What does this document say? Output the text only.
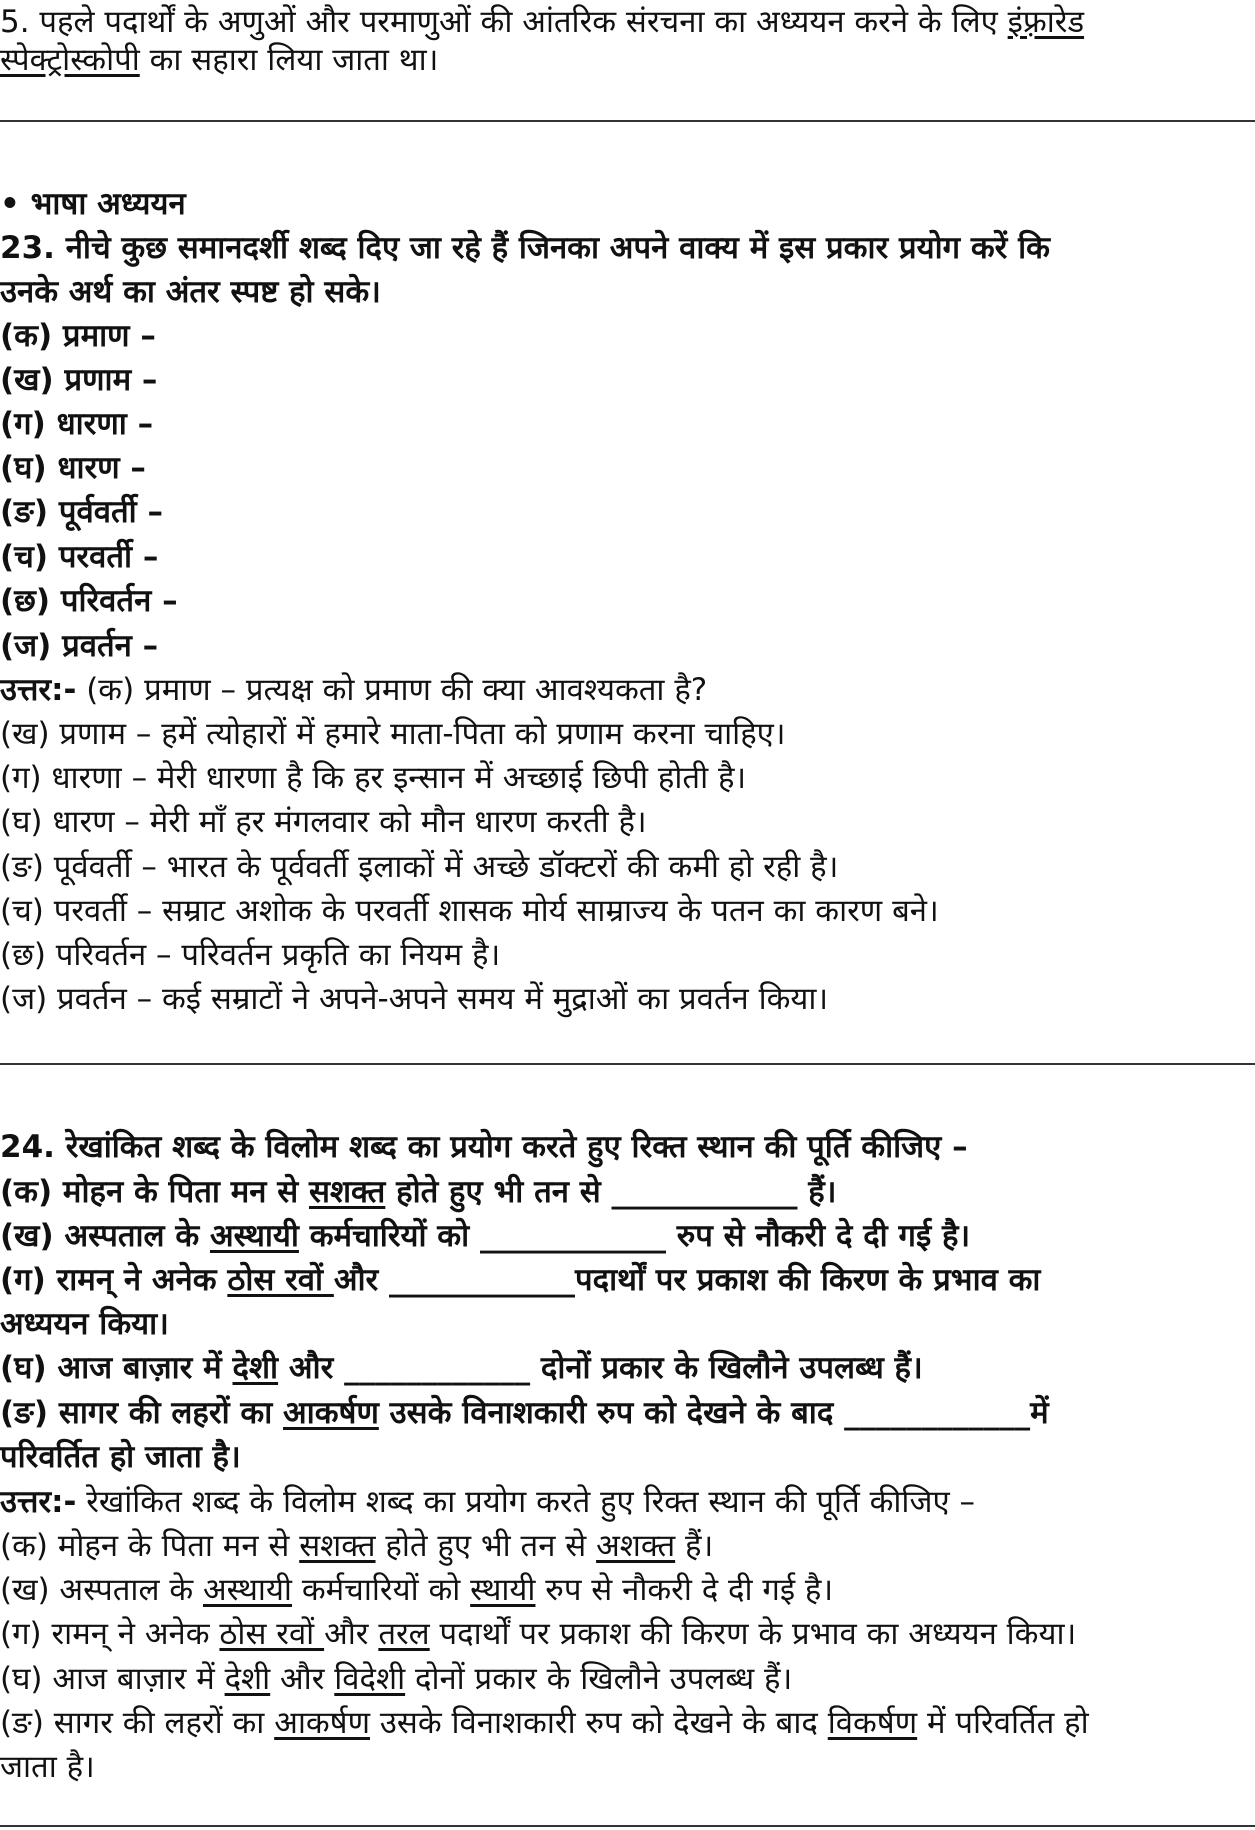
5. पहले पदार्थों के अणुओं और परमाणुओं की आंतरिक संरचना का अध्ययन करने के लिए इंफ़्रारेड
स्पेक्ट्रोस्कोपी का सहारा लिया जाता था।
• भाषा अध्ययन
23. नीचे कुछ समानदर्शी शब्द दिए जा रहे हैं जिनका अपने वाक्य में इस प्रकार प्रयोग करें कि
उनके अर्थ का अंतर स्पष्ट हो सके।
(क) प्रमाण –
(ख) प्रणाम –
(ग) धारणा –
(घ) धारण –
(ङ) पूर्ववर्ती –
(च) परवर्ती –
(छ) परिवर्तन –
(ज) प्रवर्तन –
उत्तर:- (क) प्रमाण – प्रत्यक्ष को प्रमाण की क्या आवश्यकता है?
(ख) प्रणाम – हमें त्योहारों में हमारे माता-पिता को प्रणाम करना चाहिए।
(ग) धारणा – मेरी धारणा है कि हर इन्सान में अच्छाई छिपी होती है।
(घ) धारण – मेरी माँ हर मंगलवार को मौन धारण करती है।
(ङ) पूर्ववर्ती – भारत के पूर्ववर्ती इलाकों में अच्छे डॉक्टरों की कमी हो रही है।
(च) परवर्ती – सम्राट अशोक के परवर्ती शासक मोर्य साम्राज्य के पतन का कारण बने।
(छ) परिवर्तन – परिवर्तन प्रकृति का नियम है।
(ज) प्रवर्तन – कई सम्राटों ने अपने-अपने समय में मुद्राओं का प्रवर्तन किया।
24. रेखांकित शब्द के विलोम शब्द का प्रयोग करते हुए रिक्त स्थान की पूर्ति कीजिए –
(क) मोहन के पिता मन से सशक्त होते हुए भी तन से ____________ हैं।
(ख) अस्पताल के अस्थायी कर्मचारियों को ____________ रुप से नौकरी दे दी गई है।
(ग) रामन् ने अनेक ठोस रवों और ____________पदार्थों पर प्रकाश की किरण के प्रभाव का
अध्ययन किया।
(घ) आज बाज़ार में देशी और ____________ दोनों प्रकार के खिलौने उपलब्ध हैं।
(ङ) सागर की लहरों का आकर्षण उसके विनाशकारी रुप को देखने के बाद ____________में
परिवर्तित हो जाता है।
उत्तर:- रेखांकित शब्द के विलोम शब्द का प्रयोग करते हुए रिक्त स्थान की पूर्ति कीजिए –
(क) मोहन के पिता मन से सशक्त होते हुए भी तन से अशक्त हैं।
(ख) अस्पताल के अस्थायी कर्मचारियों को स्थायी रुप से नौकरी दे दी गई है।
(ग) रामन् ने अनेक ठोस रवों और तरल पदार्थों पर प्रकाश की किरण के प्रभाव का अध्ययन किया।
(घ) आज बाज़ार में देशी और विदेशी दोनों प्रकार के खिलौने उपलब्ध हैं।
(ङ) सागर की लहरों का आकर्षण उसके विनाशकारी रुप को देखने के बाद विकर्षण में परिवर्तित हो
जाता है।
